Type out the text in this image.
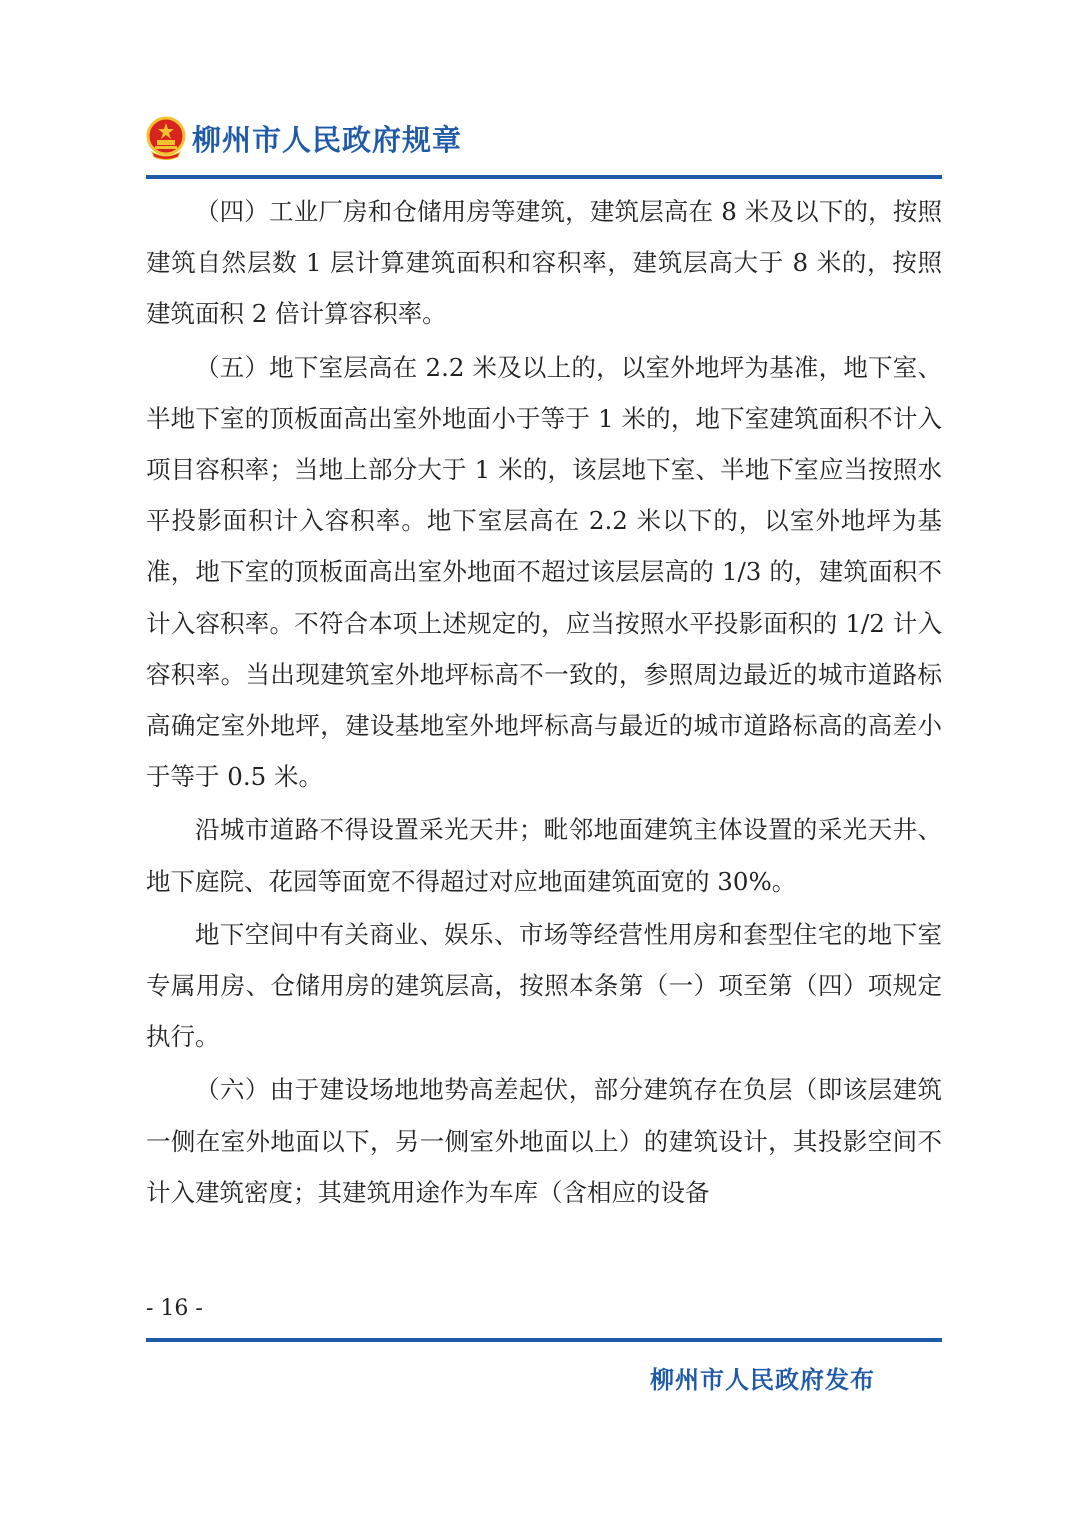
柳州市人民政府规章

（四）工业厂房和仓储用房等建筑，建筑层高在 8 米及以下的，按照建筑自然层数 1 层计算建筑面积和容积率，建筑层高大于 8 米的，按照建筑面积 2 倍计算容积率。

（五）地下室层高在 2.2 米及以上的，以室外地坪为基准，地下室、半地下室的顶板面高出室外地面小于等于 1 米的，地下室建筑面积不计入项目容积率；当地上部分大于 1 米的，该层地下室、半地下室应当按照水平投影面积计入容积率。地下室层高在 2.2 米以下的，以室外地坪为基准，地下室的顶板面高出室外地面不超过该层层高的 1/3 的，建筑面积不计入容积率。不符合本项上述规定的，应当按照水平投影面积的 1/2 计入容积率。当出现建筑室外地坪标高不一致的，参照周边最近的城市道路标高确定室外地坪，建设基地室外地坪标高与最近的城市道路标高的高差小于等于 0.5 米。

沿城市道路不得设置采光天井；毗邻地面建筑主体设置的采光天井、地下庭院、花园等面宽不得超过对应地面建筑面宽的 30%。

地下空间中有关商业、娱乐、市场等经营性用房和套型住宅的地下室专属用房、仓储用房的建筑层高，按照本条第（一）项至第（四）项规定执行。

（六）由于建设场地地势高差起伏，部分建筑存在负层（即该层建筑一侧在室外地面以下，另一侧室外地面以上）的建筑设计，其投影空间不计入建筑密度；其建筑用途作为车库（含相应的设备

- 16 -
柳州市人民政府发布
